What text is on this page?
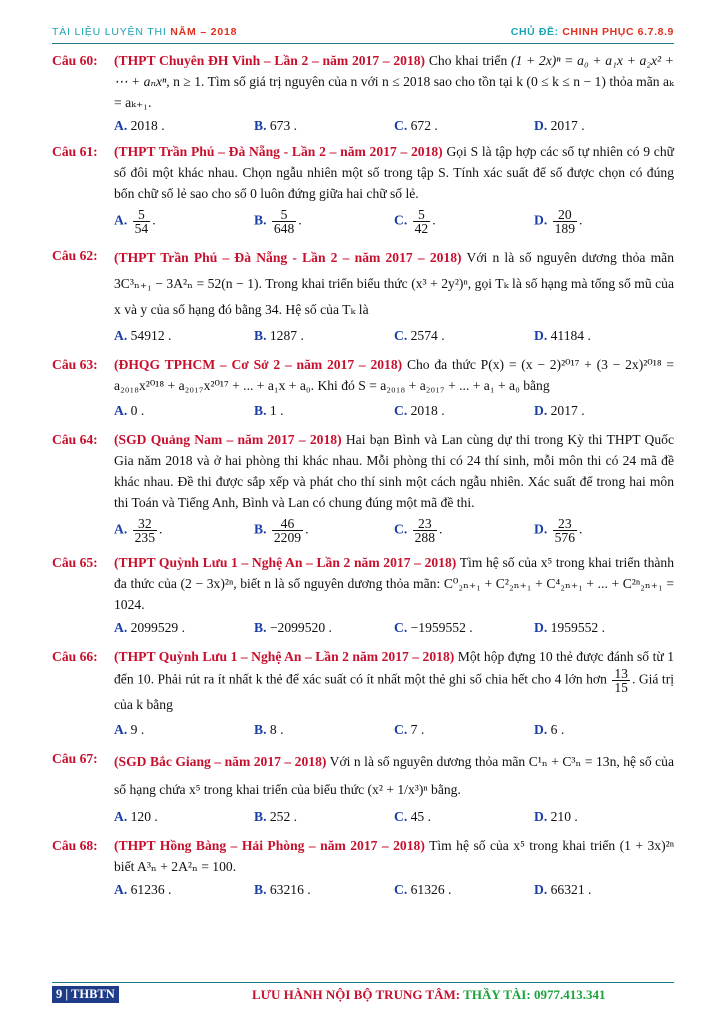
TÀI LIỆU LUYỆN THI NĂM – 2018	CHỦ ĐỀ: CHINH PHỤC 6.7.8.9
Câu 60: (THPT Chuyên ĐH Vinh – Lần 2 – năm 2017 – 2018) Cho khai triển (1 + 2x)ⁿ = a₀ + a₁x + a₂x² + ⋯ + aₙxⁿ, n ≥ 1. Tìm số giá trị nguyên của n với n ≤ 2018 sao cho tồn tại k (0 ≤ k ≤ n − 1) thỏa mãn aₖ = aₖ₊₁.
A. 2018 .	B. 673 .	C. 672 .	D. 2017 .
Câu 61: (THPT Trần Phú – Đà Nẵng - Lần 2 – năm 2017 – 2018) Gọi S là tập hợp các số tự nhiên có 9 chữ số đôi một khác nhau. Chọn ngẫu nhiên một số trong tập S. Tính xác suất để số được chọn có đúng bốn chữ số lẻ sao cho số 0 luôn đứng giữa hai chữ số lẻ.
A. $\frac{5}{54}$ .	B. $\frac{5}{648}$ .	C. $\frac{5}{42}$ .	D. $\frac{20}{189}$ .
Câu 62: (THPT Trần Phú – Đà Nẵng - Lần 2 – năm 2017 – 2018) Với n là số nguyên dương thỏa mãn 3C³ₙ₊₁ − 3A²ₙ = 52(n − 1). Trong khai triển biểu thức (x³ + 2y²)ⁿ, gọi Tₖ là số hạng mà tổng số mũ của x và y của số hạng đó bằng 34. Hệ số của Tₖ là
A. 54912 .	B. 1287 .	C. 2574 .	D. 41184 .
Câu 63: (ĐHQG TPHCM – Cơ Sở 2 – năm 2017 – 2018) Cho đa thức P(x) = (x − 2)²⁰¹⁷ + (3 − 2x)²⁰¹⁸ = a₂₀₁₈x²⁰¹⁸ + a₂₀₁₇x²⁰¹⁷ + ... + a₁x + a₀. Khi đó S = a₂₀₁₈ + a₂₀₁₇ + ... + a₁ + a₀ bằng
A. 0 .	B. 1 .	C. 2018 .	D. 2017 .
Câu 64: (SGD Quảng Nam – năm 2017 – 2018) Hai bạn Bình và Lan cùng dự thi trong Kỳ thi THPT Quốc Gia năm 2018 và ở hai phòng thi khác nhau. Mỗi phòng thi có 24 thí sinh, mỗi môn thi có 24 mã đề khác nhau. Đề thi được sắp xếp và phát cho thí sinh một cách ngẫu nhiên. Xác suất để trong hai môn thi Toán và Tiếng Anh, Bình và Lan có chung đúng một mã đề thi.
A. $\frac{32}{235}$ .	B. $\frac{46}{2209}$ .	C. $\frac{23}{288}$ .	D. $\frac{23}{576}$ .
Câu 65: (THPT Quỳnh Lưu 1 – Nghệ An – Lần 2 năm 2017 – 2018) Tìm hệ số của x⁵ trong khai triển thành đa thức của (2 − 3x)²ⁿ, biết n là số nguyên dương thỏa mãn: C⁰₂ₙ₊₁ + C²₂ₙ₊₁ + C⁴₂ₙ₊₁ + ... + C²ⁿ₂ₙ₊₁ = 1024.
A. 2099529 .	B. −2099520 .	C. −1959552 .	D. 1959552 .
Câu 66: (THPT Quỳnh Lưu 1 – Nghệ An – Lần 2 năm 2017 – 2018) Một hộp đựng 10 thẻ được đánh số từ 1 đến 10. Phải rút ra ít nhất k thẻ để xác suất có ít nhất một thẻ ghi số chia hết cho 4 lớn hơn $\frac{13}{15}$ . Giá trị của k bằng
A. 9 .	B. 8 .	C. 7 .	D. 6 .
Câu 67: (SGD Bắc Giang – năm 2017 – 2018) Với n là số nguyên dương thỏa mãn C¹ₙ + C³ₙ = 13n, hệ số của số hạng chứa x⁵ trong khai triển của biểu thức (x² + 1/x³)ⁿ bằng.
A. 120 .	B. 252 .	C. 45 .	D. 210 .
Câu 68: (THPT Hồng Bàng – Hải Phòng – năm 2017 – 2018) Tìm hệ số của x⁵ trong khai triển (1 + 3x)²ⁿ biết A³ₙ + 2A²ₙ = 100.
A. 61236 .	B. 63216 .	C. 61326 .	D. 66321 .
9 | THBTN	LƯU HÀNH NỘI BỘ TRUNG TÂM: THẦY TÀI: 0977.413.341
